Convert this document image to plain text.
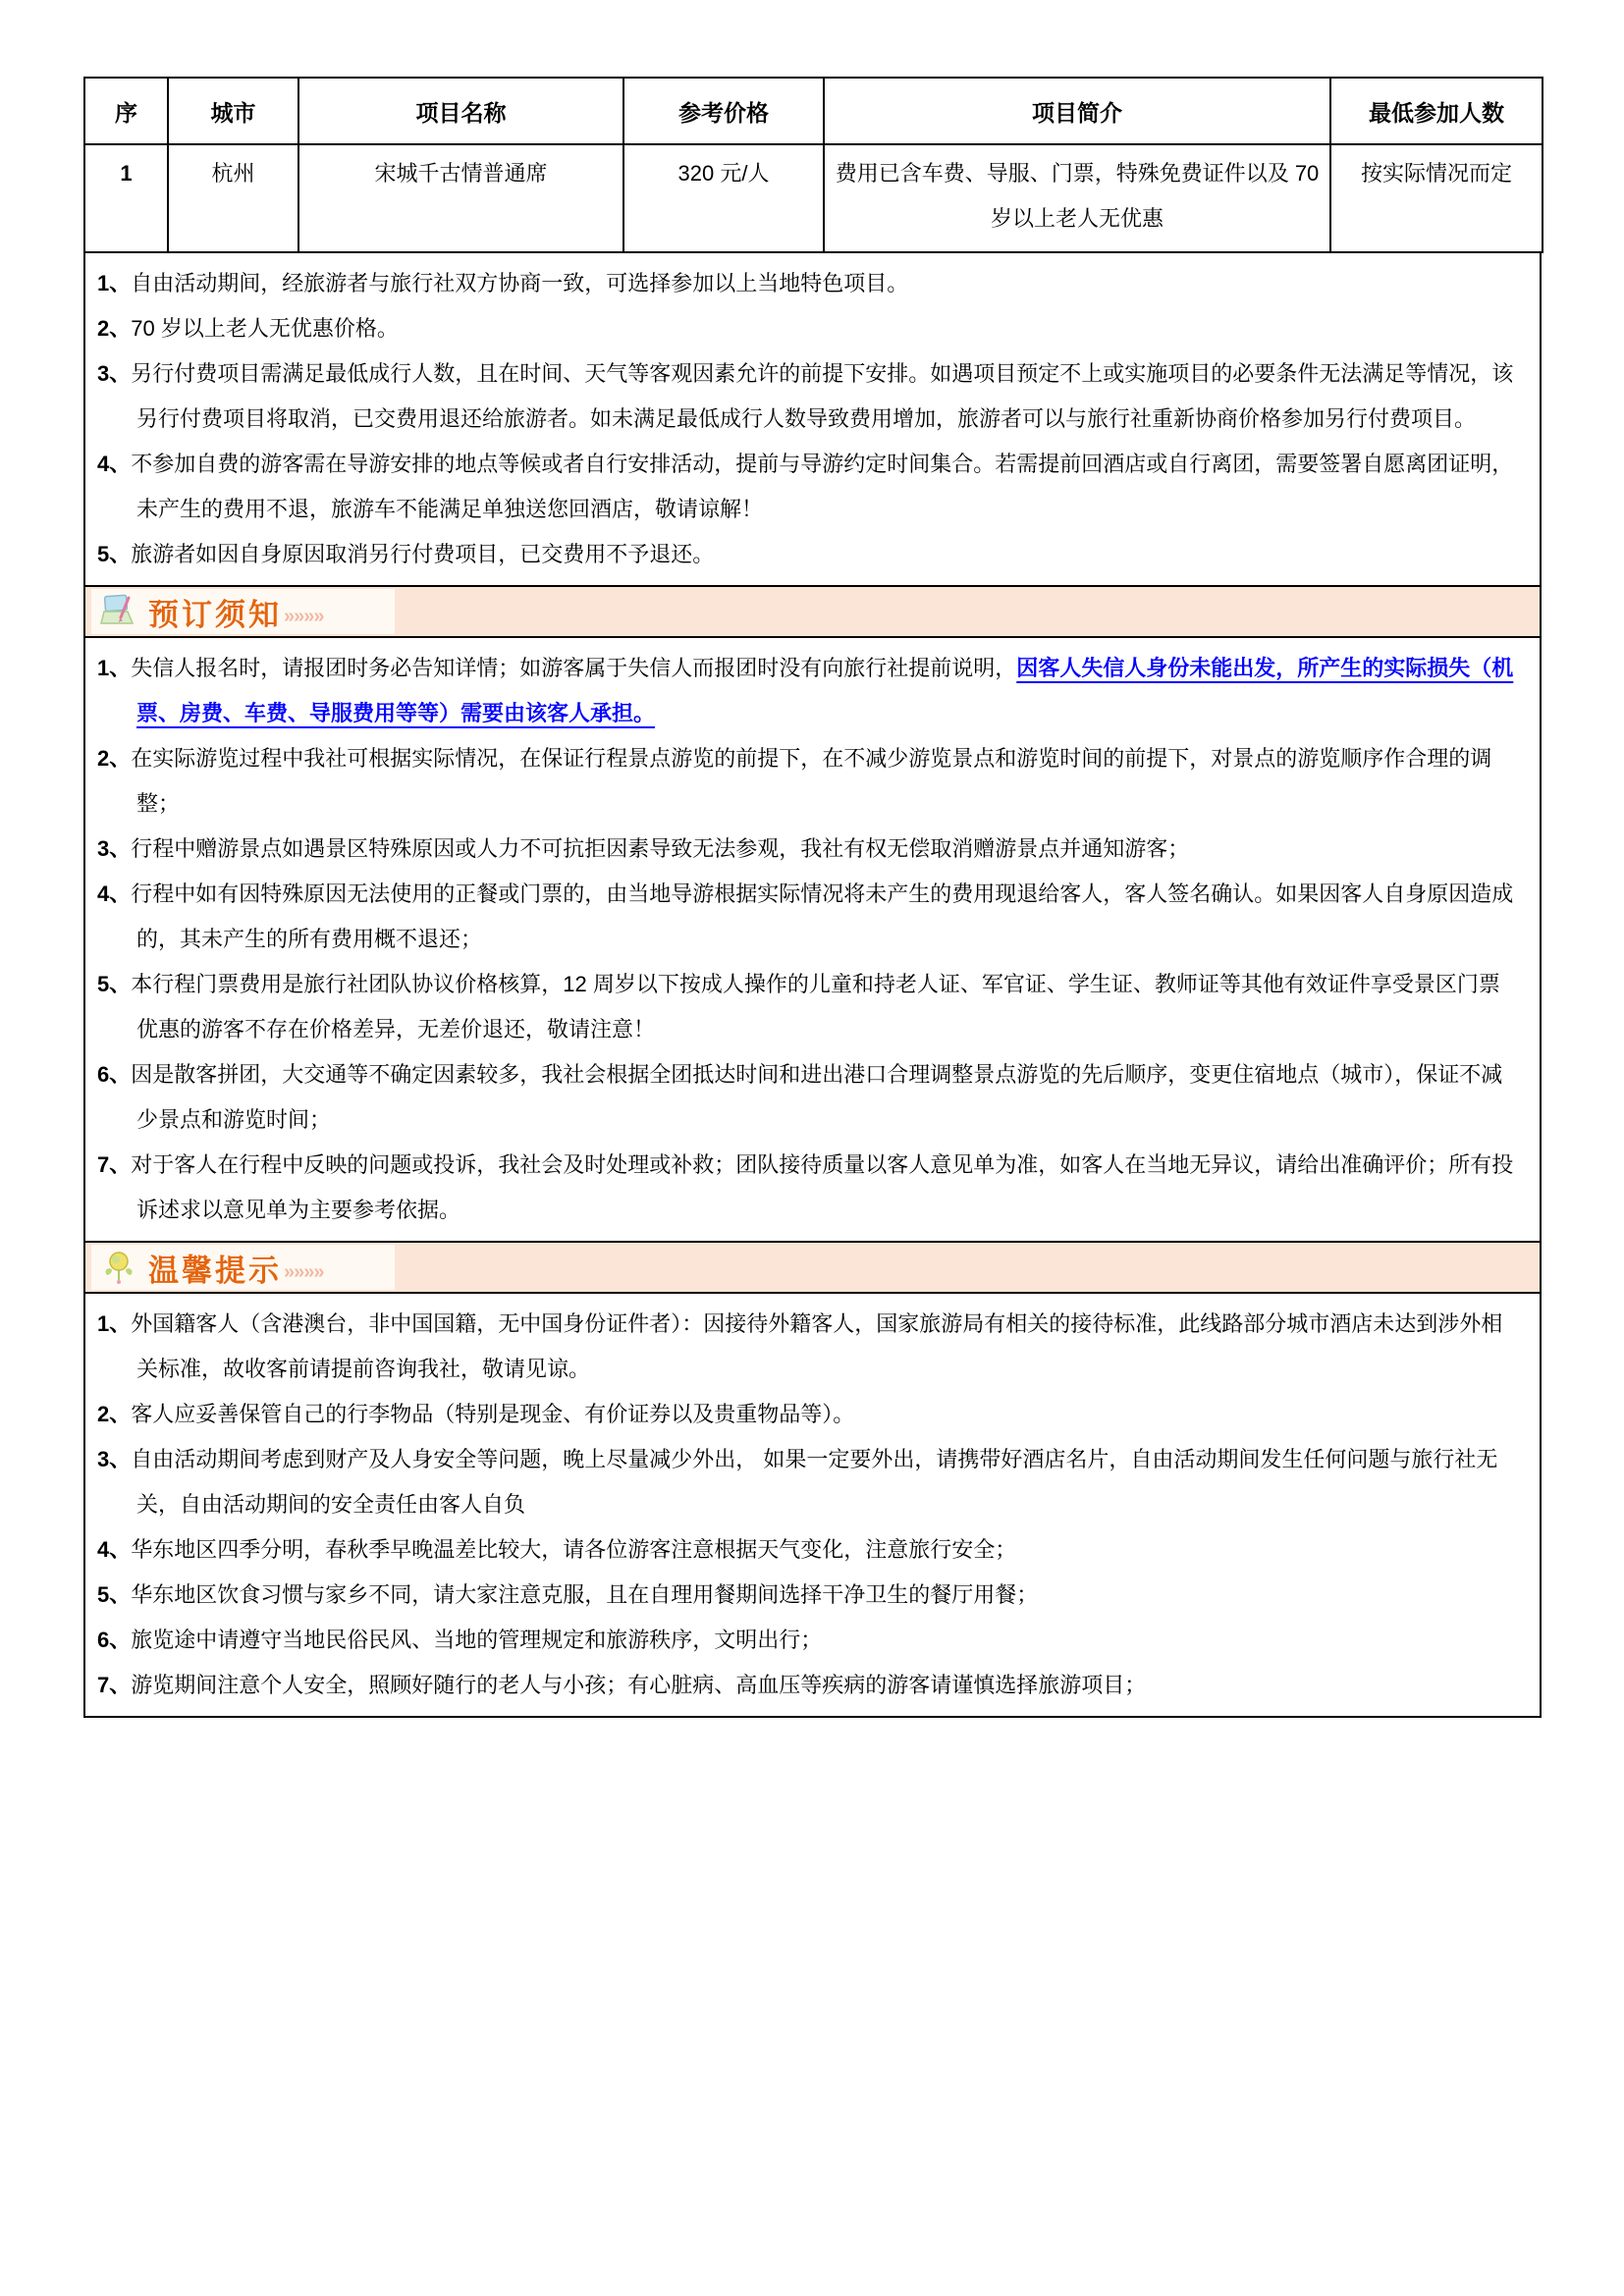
序	城市	项目名称	参考价格	项目简介	最低参加人数
1	杭州	宋城千古情普通席	320 元/人	费用已含车费、导服、门票，特殊免费证件以及 70 岁以上老人无优惠	按实际情况而定
1、自由活动期间，经旅游者与旅行社双方协商一致，可选择参加以上当地特色项目。
2、70 岁以上老人无优惠价格。
3、另行付费项目需满足最低成行人数，且在时间、天气等客观因素允许的前提下安排。如遇项目预定不上或实施项目的必要条件无法满足等情况，该另行付费项目将取消，已交费用退还给旅游者。如未满足最低成行人数导致费用增加，旅游者可以与旅行社重新协商价格参加另行付费项目。
4、不参加自费的游客需在导游安排的地点等候或者自行安排活动，提前与导游约定时间集合。若需提前回酒店或自行离团，需要签署自愿离团证明，未产生的费用不退，旅游车不能满足单独送您回酒店，敬请谅解！
5、旅游者如因自身原因取消另行付费项目，已交费用不予退还。
预订须知 »»»»
1、失信人报名时，请报团时务必告知详情；如游客属于失信人而报团时没有向旅行社提前说明，因客人失信人身份未能出发，所产生的实际损失（机票、房费、车费、导服费用等等）需要由该客人承担。
2、在实际游览过程中我社可根据实际情况，在保证行程景点游览的前提下，在不减少游览景点和游览时间的前提下，对景点的游览顺序作合理的调整；
3、行程中赠游景点如遇景区特殊原因或人力不可抗拒因素导致无法参观，我社有权无偿取消赠游景点并通知游客；
4、行程中如有因特殊原因无法使用的正餐或门票的，由当地导游根据实际情况将未产生的费用现退给客人，客人签名确认。如果因客人自身原因造成的，其未产生的所有费用概不退还；
5、本行程门票费用是旅行社团队协议价格核算，12 周岁以下按成人操作的儿童和持老人证、军官证、学生证、教师证等其他有效证件享受景区门票优惠的游客不存在价格差异，无差价退还，敬请注意！
6、因是散客拼团，大交通等不确定因素较多，我社会根据全团抵达时间和进出港口合理调整景点游览的先后顺序，变更住宿地点（城市），保证不减少景点和游览时间；
7、对于客人在行程中反映的问题或投诉，我社会及时处理或补救；团队接待质量以客人意见单为准，如客人在当地无异议，请给出准确评价；所有投诉述求以意见单为主要参考依据。
温馨提示 »»»»
1、外国籍客人（含港澳台，非中国国籍，无中国身份证件者）：因接待外籍客人，国家旅游局有相关的接待标准，此线路部分城市酒店未达到涉外相关标准，故收客前请提前咨询我社，敬请见谅。
2、客人应妥善保管自己的行李物品（特别是现金、有价证券以及贵重物品等）。
3、自由活动期间考虑到财产及人身安全等问题，晚上尽量减少外出， 如果一定要外出，请携带好酒店名片，自由活动期间发生任何问题与旅行社无关，自由活动期间的安全责任由客人自负
4、华东地区四季分明，春秋季早晚温差比较大，请各位游客注意根据天气变化，注意旅行安全；
5、华东地区饮食习惯与家乡不同，请大家注意克服，且在自理用餐期间选择干净卫生的餐厅用餐；
6、旅览途中请遵守当地民俗民风、当地的管理规定和旅游秩序，文明出行；
7、游览期间注意个人安全，照顾好随行的老人与小孩；有心脏病、高血压等疾病的游客请谨慎选择旅游项目；
